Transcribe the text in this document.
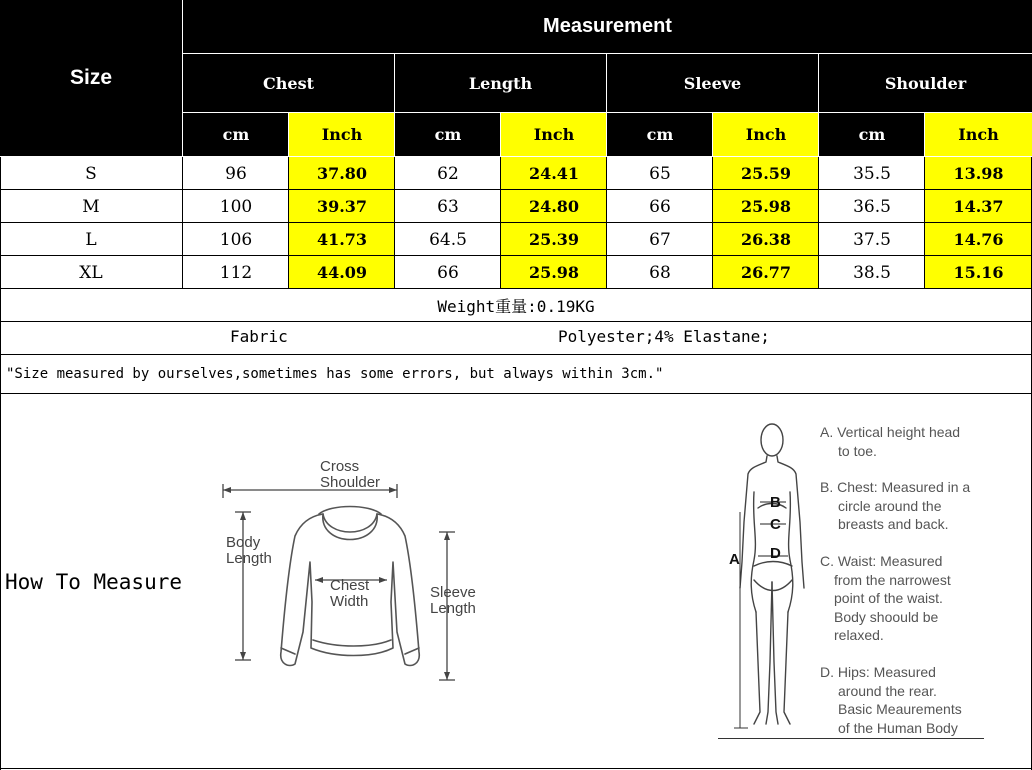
Size
Measurement
Chest	Length	Sleeve	Shoulder
cm	Inch	cm	Inch	cm	Inch	cm	Inch
S	96	37.80	62	24.41	65	25.59	35.5	13.98
M	100	39.37	63	24.80	66	25.98	36.5	14.37
L	106	41.73	64.5	25.39	67	26.38	37.5	14.76
XL	112	44.09	66	25.98	68	26.77	38.5	15.16
Weight重量:0.19KG
Fabric	Polyester;4% Elastane;
"Size measured by ourselves,sometimes has some errors, but always within 3cm."
How To Measure
Cross
Shoulder
Body
Length
Chest
Width
Sleeve
Length
A
B
C
D
A. Vertical height head
to toe.
B. Chest: Measured in a
circle around the
breasts and back.
C. Waist: Measured
from the narrowest
point of the waist.
Body shoould be
relaxed.
D. Hips: Measured
around the rear.
Basic Meaurements
of the Human Body
